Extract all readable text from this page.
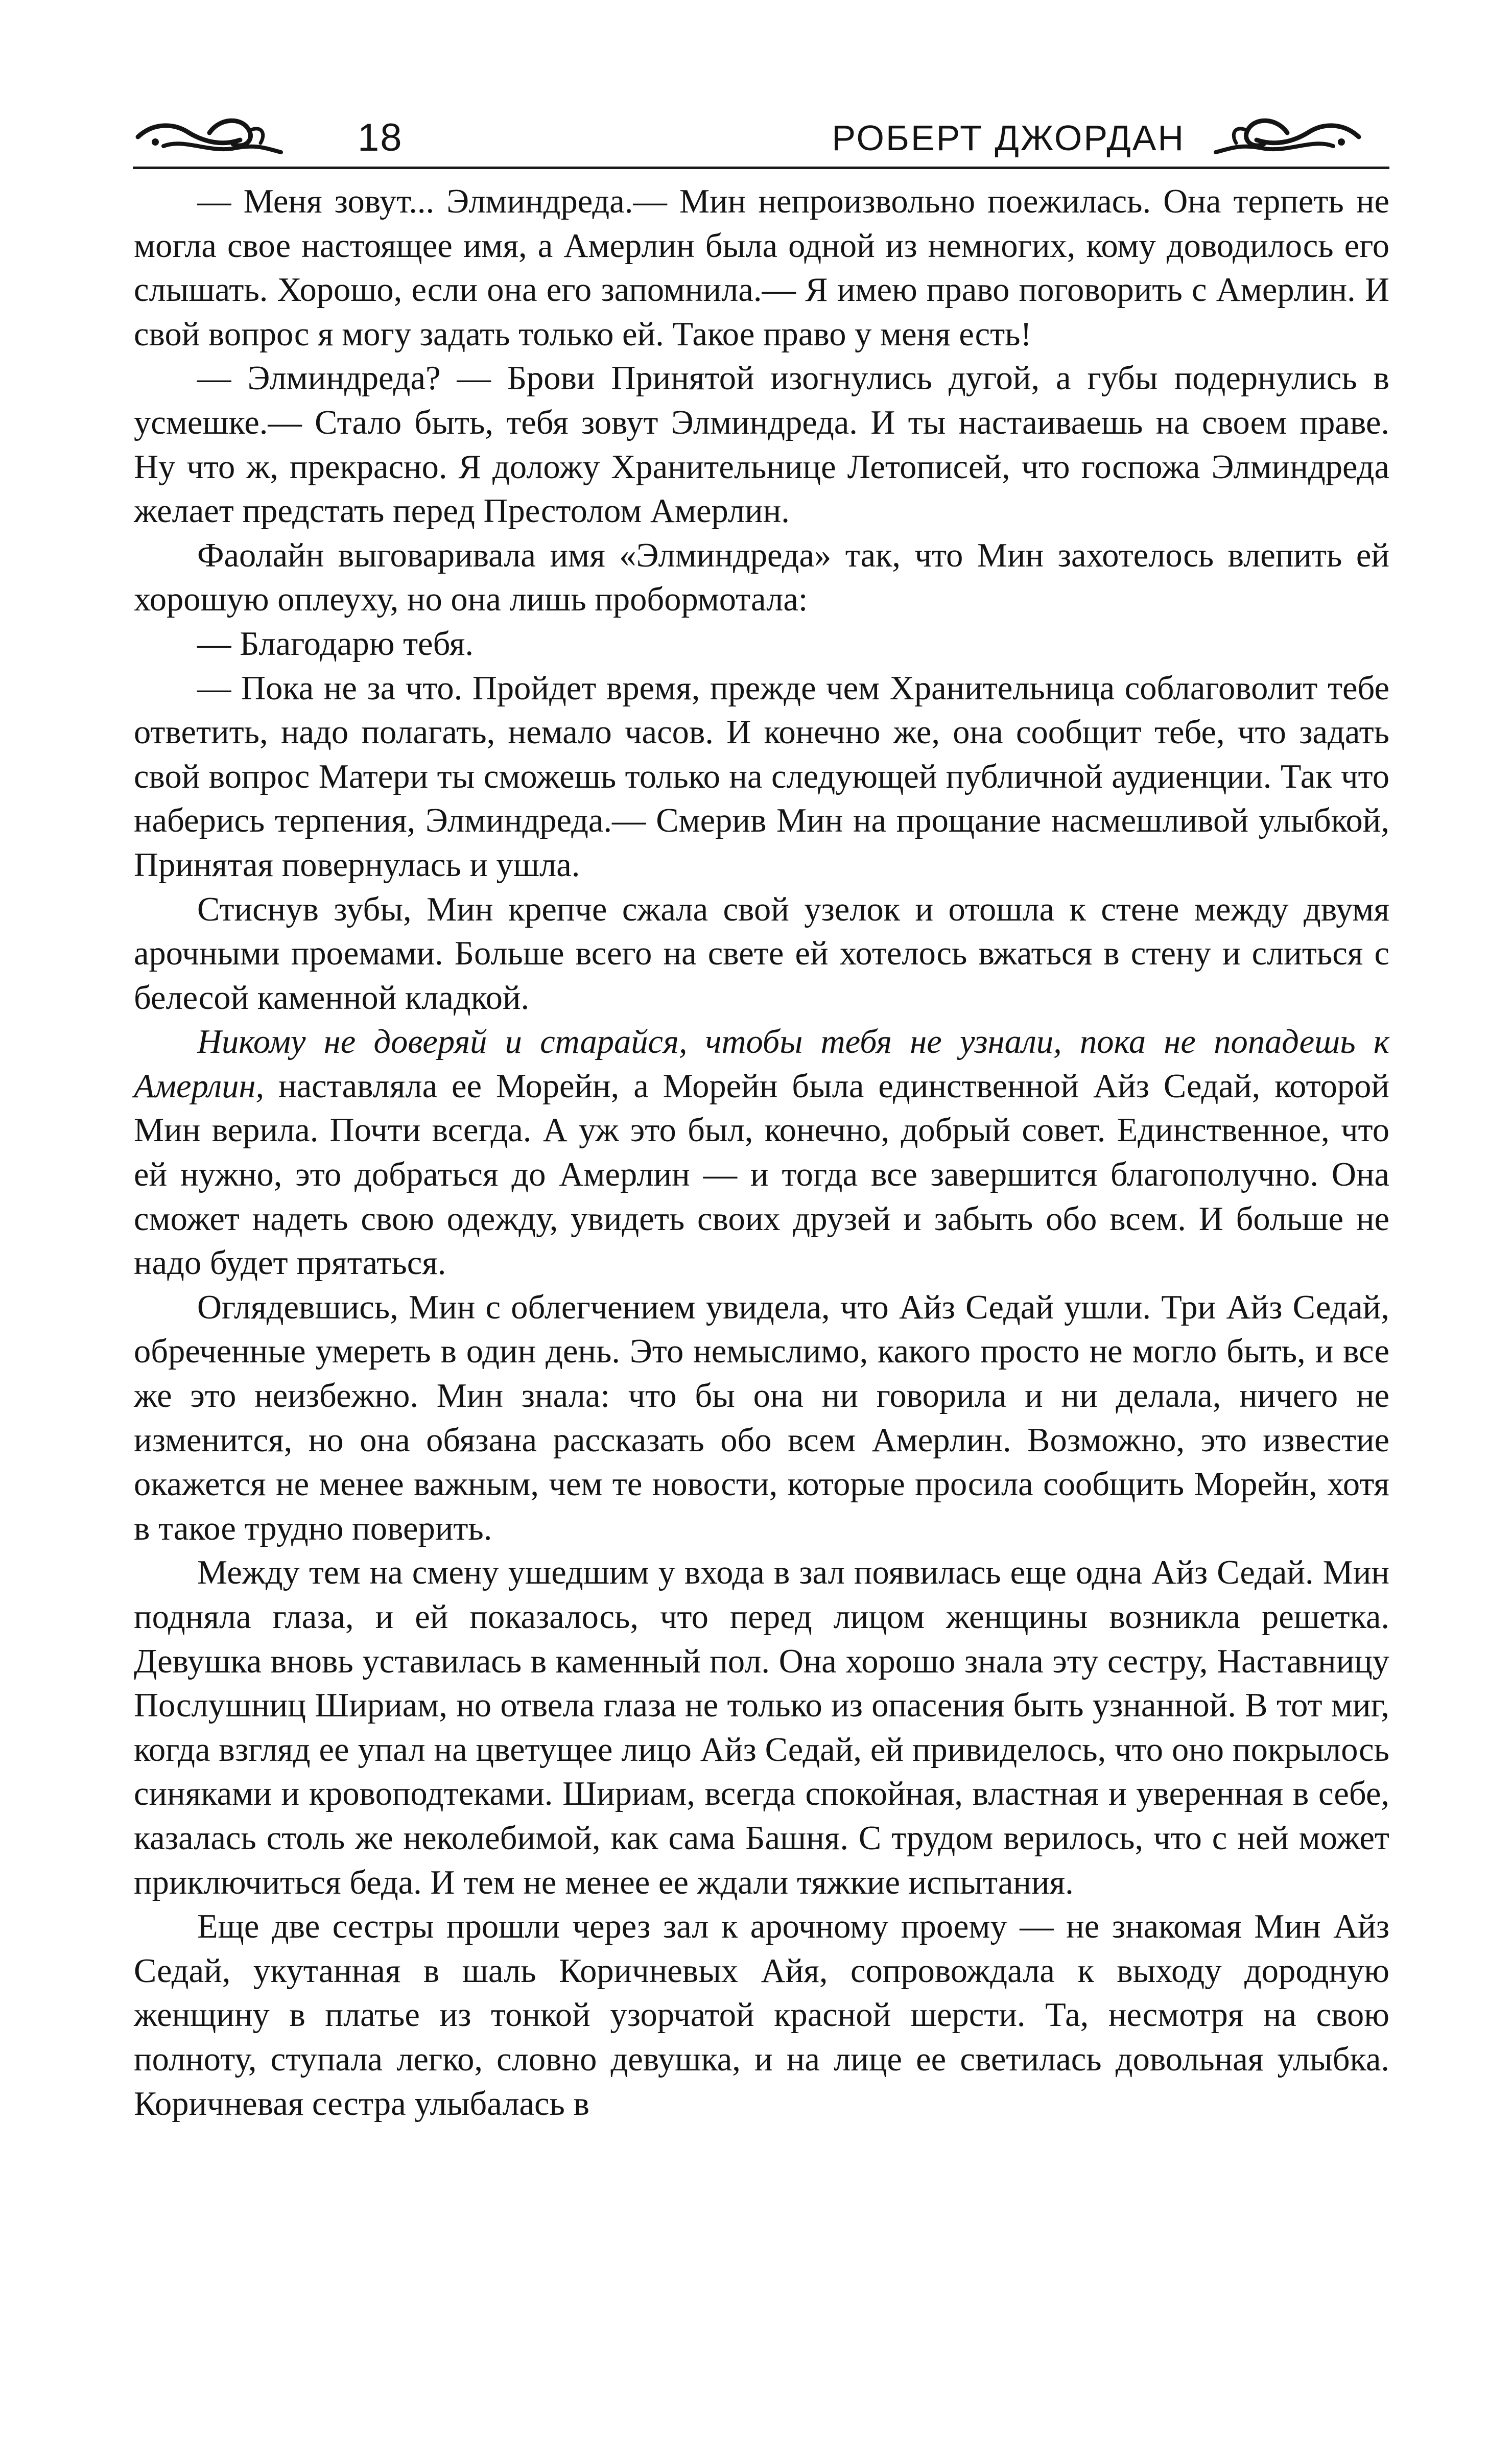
18	РОБЕРТ ДЖОРДАН

— Меня зовут... Элминдреда.— Мин непроизвольно поежилась. Она терпеть не могла свое настоящее имя, а Амерлин была одной из немногих, кому доводилось его слышать. Хорошо, если она его запомнила.— Я имею право поговорить с Амерлин. И свой вопрос я могу задать только ей. Такое право у меня есть!

— Элминдреда? — Брови Принятой изогнулись дугой, а губы подернулись в усмешке.— Стало быть, тебя зовут Элминдреда. И ты настаиваешь на своем праве. Ну что ж, прекрасно. Я доложу Хранительнице Летописей, что госпожа Элминдреда желает предстать перед Престолом Амерлин.

Фаолайн выговаривала имя «Элминдреда» так, что Мин захотелось влепить ей хорошую оплеуху, но она лишь пробормотала:

— Благодарю тебя.

— Пока не за что. Пройдет время, прежде чем Хранительница соблаговолит тебе ответить, надо полагать, немало часов. И конечно же, она сообщит тебе, что задать свой вопрос Матери ты сможешь только на следующей публичной аудиенции. Так что наберись терпения, Элминдреда.— Смерив Мин на прощание насмешливой улыбкой, Принятая повернулась и ушла.

Стиснув зубы, Мин крепче сжала свой узелок и отошла к стене между двумя арочными проемами. Больше всего на свете ей хотелось вжаться в стену и слиться с белесой каменной кладкой.

Никому не доверяй и старайся, чтобы тебя не узнали, пока не попадешь к Амерлин, наставляла ее Морейн, а Морейн была единственной Айз Седай, которой Мин верила. Почти всегда. А уж это был, конечно, добрый совет. Единственное, что ей нужно, это добраться до Амерлин — и тогда все завершится благополучно. Она сможет надеть свою одежду, увидеть своих друзей и забыть обо всем. И больше не надо будет прятаться.

Оглядевшись, Мин с облегчением увидела, что Айз Седай ушли. Три Айз Седай, обреченные умереть в один день. Это немыслимо, какого просто не могло быть, и все же это неизбежно. Мин знала: что бы она ни говорила и ни делала, ничего не изменится, но она обязана рассказать обо всем Амерлин. Возможно, это известие окажется не менее важным, чем те новости, которые просила сообщить Морейн, хотя в такое трудно поверить.

Между тем на смену ушедшим у входа в зал появилась еще одна Айз Седай. Мин подняла глаза, и ей показалось, что перед лицом женщины возникла решетка. Девушка вновь уставилась в каменный пол. Она хорошо знала эту сестру, Наставницу Послушниц Шириам, но отвела глаза не только из опасения быть узнанной. В тот миг, когда взгляд ее упал на цветущее лицо Айз Седай, ей привиделось, что оно покрылось синяками и кровоподтеками. Шириам, всегда спокойная, властная и уверенная в себе, казалась столь же неколебимой, как сама Башня. С трудом верилось, что с ней может приключиться беда. И тем не менее ее ждали тяжкие испытания.

Еще две сестры прошли через зал к арочному проему — не знакомая Мин Айз Седай, укутанная в шаль Коричневых Айя, сопровождала к выходу дородную женщину в платье из тонкой узорчатой красной шерсти. Та, несмотря на свою полноту, ступала легко, словно девушка, и на лице ее светилась довольная улыбка. Коричневая сестра улыбалась в
